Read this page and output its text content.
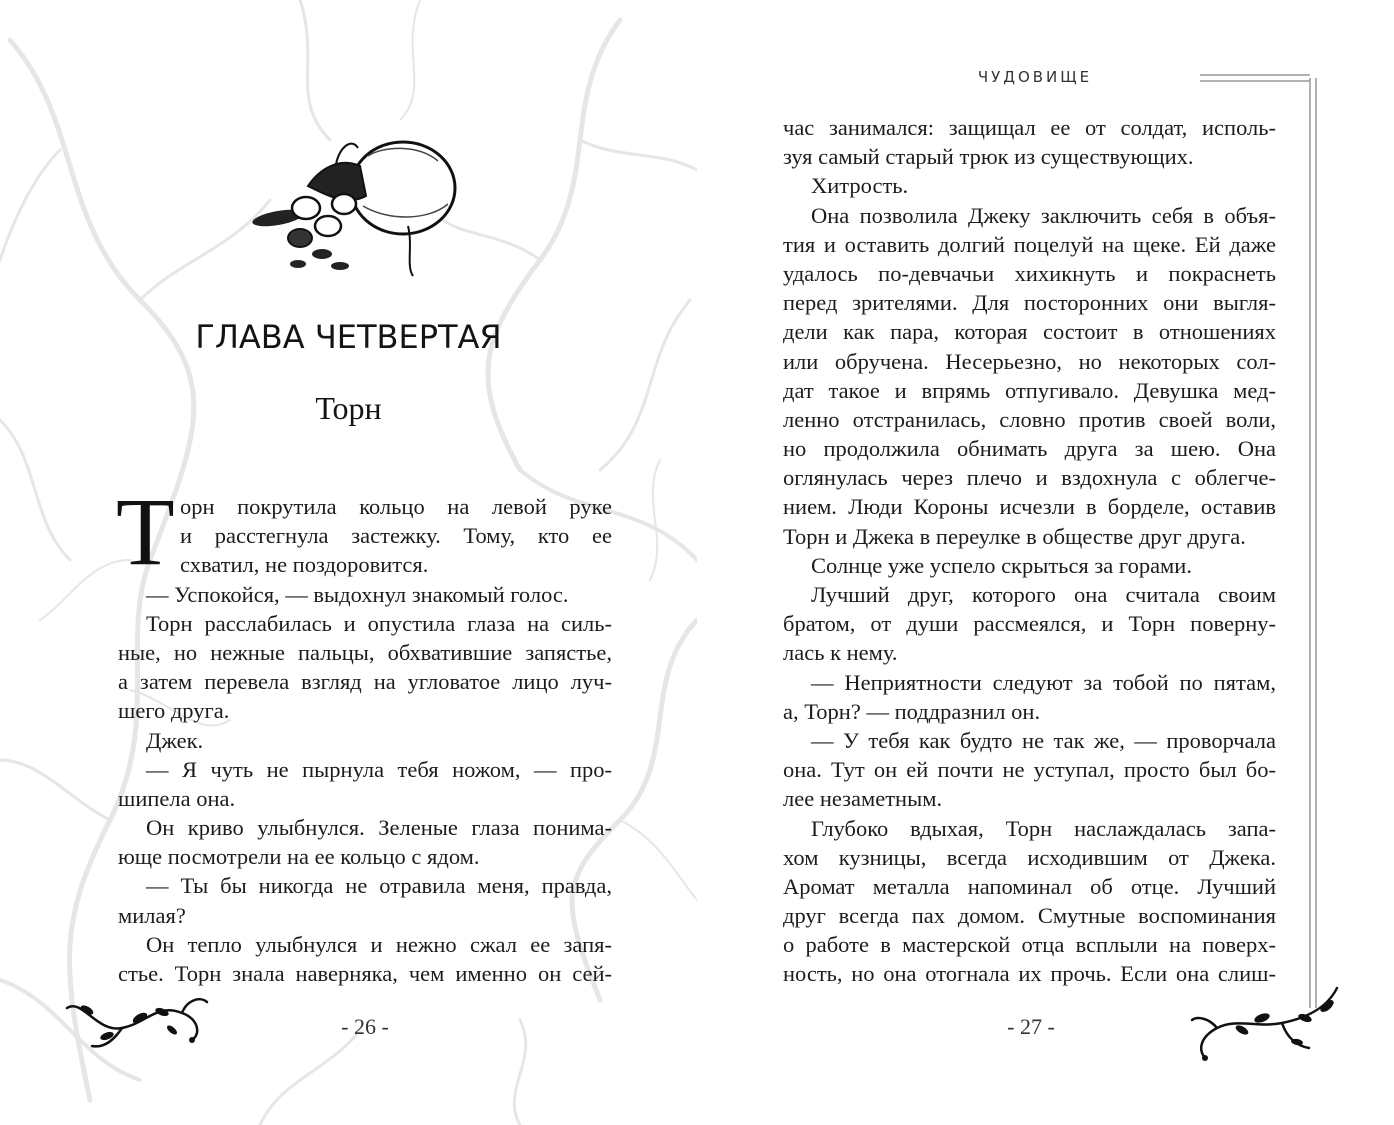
ГЛАВА ЧЕТВЕРТАЯ
Торн
Т орн покрутила кольцо на левой руке
и расстегнула застежку. Тому, кто ее
схватил, не поздоровится.
— Успокойся, — выдохнул знакомый голос.
Торн расслабилась и опустила глаза на силь-
ные, но нежные пальцы, обхватившие запястье,
а затем перевела взгляд на угловатое лицо луч-
шего друга.
Джек.
— Я чуть не пырнула тебя ножом, — про-
шипела она.
Он криво улыбнулся. Зеленые глаза понима-
юще посмотрели на ее кольцо с ядом.
— Ты бы никогда не отравила меня, правда,
милая?
Он тепло улыбнулся и нежно сжал ее запя-
стье. Торн знала наверняка, чем именно он сей-
- 26 -
ЧУДОВИЩЕ
час занимался: защищал ее от солдат, исполь-
зуя самый старый трюк из существующих.
Хитрость.
Она позволила Джеку заключить себя в объя-
тия и оставить долгий поцелуй на щеке. Ей даже
удалось по-девчачьи хихикнуть и покраснеть
перед зрителями. Для посторонних они выгля-
дели как пара, которая состоит в отношениях
или обручена. Несерьезно, но некоторых сол-
дат такое и впрямь отпугивало. Девушка мед-
ленно отстранилась, словно против своей воли,
но продолжила обнимать друга за шею. Она
оглянулась через плечо и вздохнула с облегче-
нием. Люди Короны исчезли в борделе, оставив
Торн и Джека в переулке в обществе друг друга.
Солнце уже успело скрыться за горами.
Лучший друг, которого она считала своим
братом, от души рассмеялся, и Торн поверну-
лась к нему.
— Неприятности следуют за тобой по пятам,
а, Торн? — поддразнил он.
— У тебя как будто не так же, — проворчала
она. Тут он ей почти не уступал, просто был бо-
лее незаметным.
Глубоко вдыхая, Торн наслаждалась запа-
хом кузницы, всегда исходившим от Джека.
Аромат металла напоминал об отце. Лучший
друг всегда пах домом. Смутные воспоминания
о работе в мастерской отца всплыли на поверх-
ность, но она отогнала их прочь. Если она слиш-
- 27 -
